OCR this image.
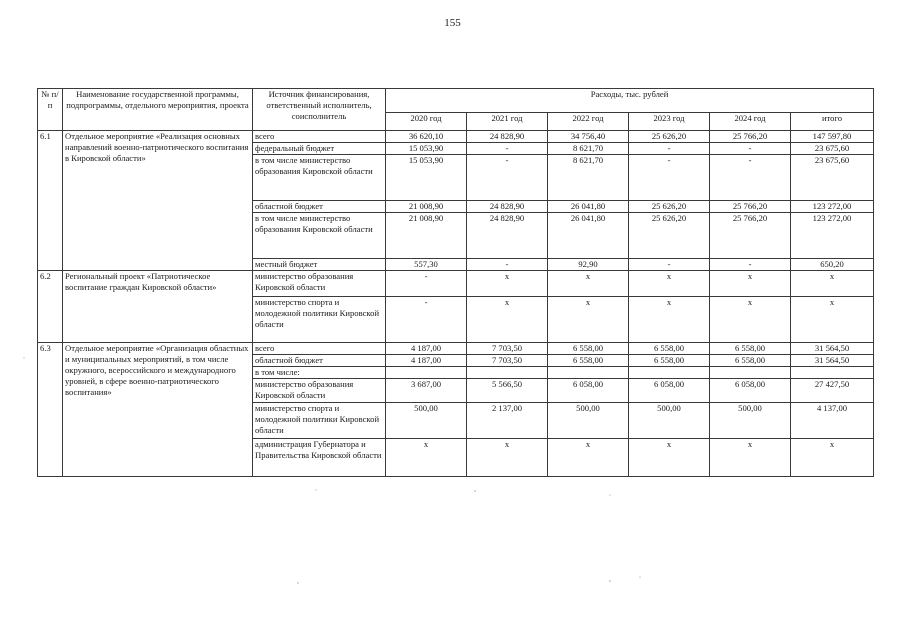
155
№ п/п	Наименование государственной программы, подпрограммы, отдельного мероприятия, проекта	Источник финансирования, ответственный исполнитель, соисполнитель	Расходы, тыс. рублей					
			2020 год	2021 год	2022 год	2023 год	2024 год	итого
6.1	Отдельное мероприятие «Реализация основных направлений военно-патриотического воспитания в Кировской области»	всего	36 620,10	24 828,90	34 756,40	25 626,20	25 766,20	147 597,80
		федеральный бюджет	15 053,90	-	8 621,70	-	-	23 675,60
		в том числе министерство образования Кировской области	15 053,90	-	8 621,70	-	-	23 675,60
		областной бюджет	21 008,90	24 828,90	26 041,80	25 626,20	25 766,20	123 272,00
		в том числе министерство образования Кировской области	21 008,90	24 828,90	26 041,80	25 626,20	25 766,20	123 272,00
		местный бюджет	557,30	-	92,90	-	-	650,20
6.2	Региональный проект «Патриотическое воспитание граждан Кировской области»	министерство образования Кировской области	-	х	х	х	х	х
		министерство спорта и молодежной политики Кировской области	-	х	х	х	х	х
6.3	Отдельное мероприятие «Организация областных и муниципальных мероприятий, в том числе окружного, всероссийского и международного уровней, в сфере военно-патриотического воспитания»	всего	4 187,00	7 703,50	6 558,00	6 558,00	6 558,00	31 564,50
		областной бюджет	4 187,00	7 703,50	6 558,00	6 558,00	6 558,00	31 564,50
		в том числе:						
		министерство образования Кировской области	3 687,00	5 566,50	6 058,00	6 058,00	6 058,00	27 427,50
		министерство спорта и молодежной политики Кировской области	500,00	2 137,00	500,00	500,00	500,00	4 137,00
		администрация Губернатора и Правительства Кировской области	х	х	х	х	х	х
